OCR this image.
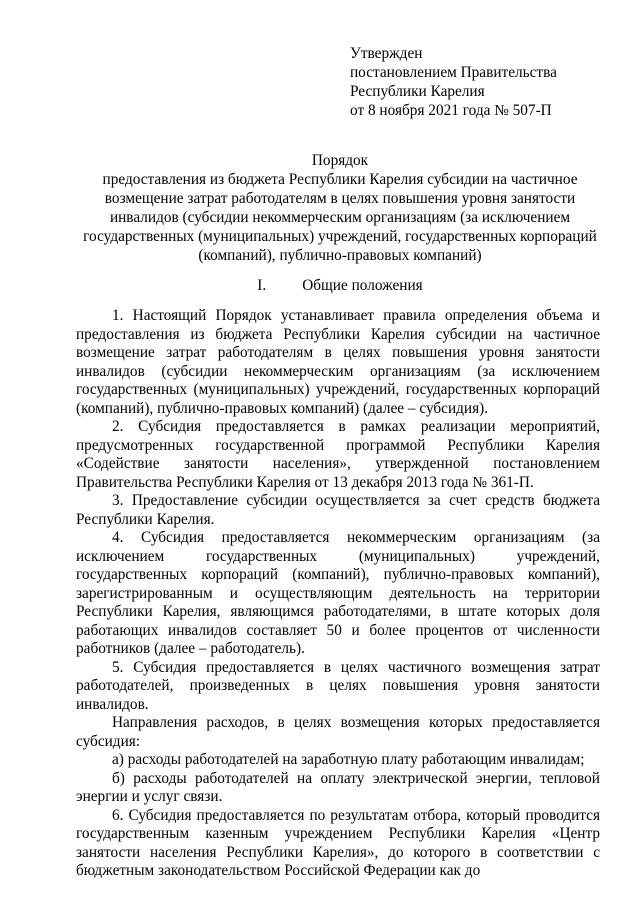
Утвержден
постановлением Правительства
Республики Карелия
от 8 ноября 2021 года № 507-П
Порядок
предоставления из бюджета Республики Карелия субсидии на частичное
возмещение затрат работодателям в целях повышения уровня занятости
инвалидов (субсидии некоммерческим организациям (за исключением
государственных (муниципальных) учреждений, государственных корпораций
(компаний), публично-правовых компаний)
I. Общие положения

1. Настоящий Порядок устанавливает правила определения объема и предоставления из бюджета Республики Карелия субсидии на частичное возмещение затрат работодателям в целях повышения уровня занятости инвалидов (субсидии некоммерческим организациям (за исключением государственных (муниципальных) учреждений, государственных корпораций (компаний), публично-правовых компаний) (далее – субсидия).

2. Субсидия предоставляется в рамках реализации мероприятий, предусмотренных государственной программой Республики Карелия «Содействие занятости населения», утвержденной постановлением Правительства Республики Карелия от 13 декабря 2013 года № 361-П.

3. Предоставление субсидии осуществляется за счет средств бюджета Республики Карелия.

4. Субсидия предоставляется некоммерческим организациям (за исключением государственных (муниципальных) учреждений, государственных корпораций (компаний), публично-правовых компаний), зарегистрированным и осуществляющим деятельность на территории Республики Карелия, являющимся работодателями, в штате которых доля работающих инвалидов составляет 50 и более процентов от численности работников (далее – работодатель).

5. Субсидия предоставляется в целях частичного возмещения затрат работодателей, произведенных в целях повышения уровня занятости инвалидов.

Направления расходов, в целях возмещения которых предоставляется субсидия:

а) расходы работодателей на заработную плату работающим инвалидам;

б) расходы работодателей на оплату электрической энергии, тепловой энергии и услуг связи.

6. Субсидия предоставляется по результатам отбора, который проводится государственным казенным учреждением Республики Карелия «Центр занятости населения Республики Карелия», до которого в соответствии с бюджетным законодательством Российской Федерации как до
